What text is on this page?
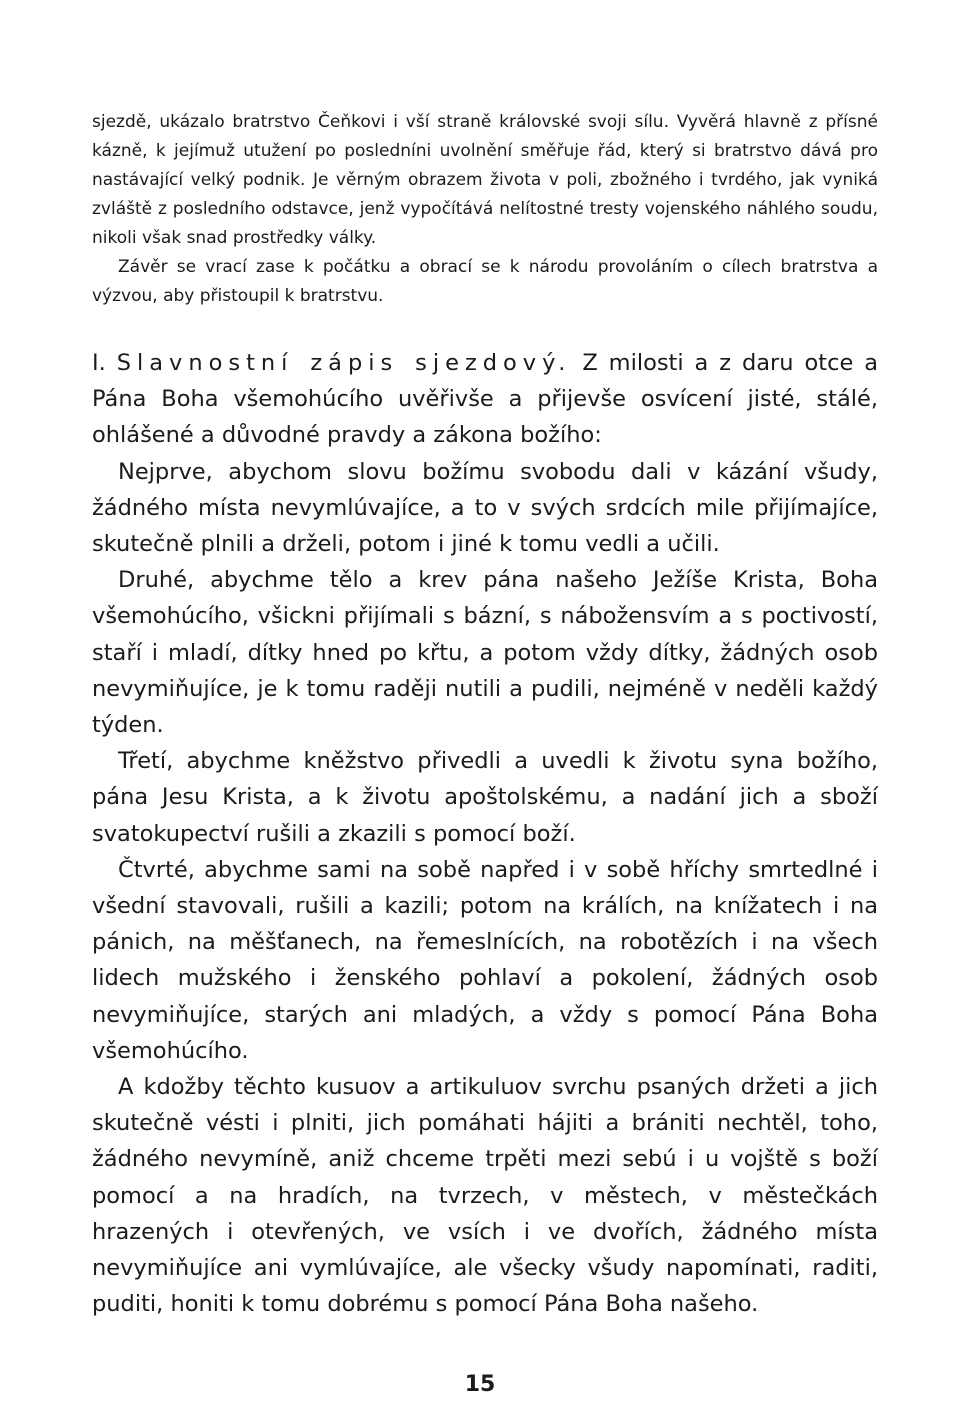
sjezdě, ukázalo bratrstvo Čeňkovi i vší straně královské svoji sílu. Vyvěrá hlavně z přísné kázně, k jejímuž utužení po posledníni uvolnění směřuje řád, který si bratrstvo dává pro nastávající velký podnik. Je věrným obrazem života v poli, zbožného i tvrdého, jak vyniká zvláště z posledního odstavce, jenž vypočítává nelítostné tresty vojenského náhlého soudu, nikoli však snad prostředky války.

Závěr se vrací zase k počátku a obrací se k národu provoláním o cílech bratrstva a výzvou, aby přistoupil k bratrstvu.

I. Slavnostní zápis sjezdový. Z milosti a z daru otce a Pána Boha všemohúcího uvěřivše a přijevše osvícení jisté, stálé, ohlášené a důvodné pravdy a zákona božího:

Nejprve, abychom slovu božímu svobodu dali v kázání všudy, žádného místa nevymlúvajíce, a to v svých srdcích mile přijímajíce, skutečně plnili a drželi, potom i jiné k tomu vedli a učili.

Druhé, abychme tělo a krev pána našeho Ježíše Krista, Boha všemohúcího, všickni přijímali s bázní, s nábožensvím a s poctivostí, staří i mladí, dítky hned po křtu, a potom vždy dítky, žádných osob nevymiňujíce, je k tomu raději nutili a pudili, nejméně v neděli každý týden.

Třetí, abychme kněžstvo přivedli a uvedli k životu syna božího, pána Jesu Krista, a k životu apoštolskému, a nadání jich a sboží svatokupectví rušili a zkazili s pomocí boží.

Čtvrté, abychme sami na sobě napřed i v sobě hříchy smrtedlné i všední stavovali, rušili a kazili; potom na králích, na knížatech i na pánich, na měšťanech, na řemeslnících, na robotězích i na všech lidech mužského i ženského pohlaví a pokolení, žádných osob nevymiňujíce, starých ani mladých, a vždy s pomocí Pána Boha všemohúcího.

A kdožby těchto kusuov a artikuluov svrchu psaných držeti a jich skutečně vésti i plniti, jich pomáhati hájiti a brániti nechtěl, toho, žádného nevymíně, aniž chceme trpěti mezi sebú i u vojště s boží pomocí a na hradích, na tvrzech, v městech, v městečkách hrazených i otevřených, ve vsích i ve dvořích, žádného místa nevymiňujíce ani vymlúvajíce, ale všecky všudy napomínati, raditi, puditi, honiti k tomu dobrému s pomocí Pána Boha našeho.

15
